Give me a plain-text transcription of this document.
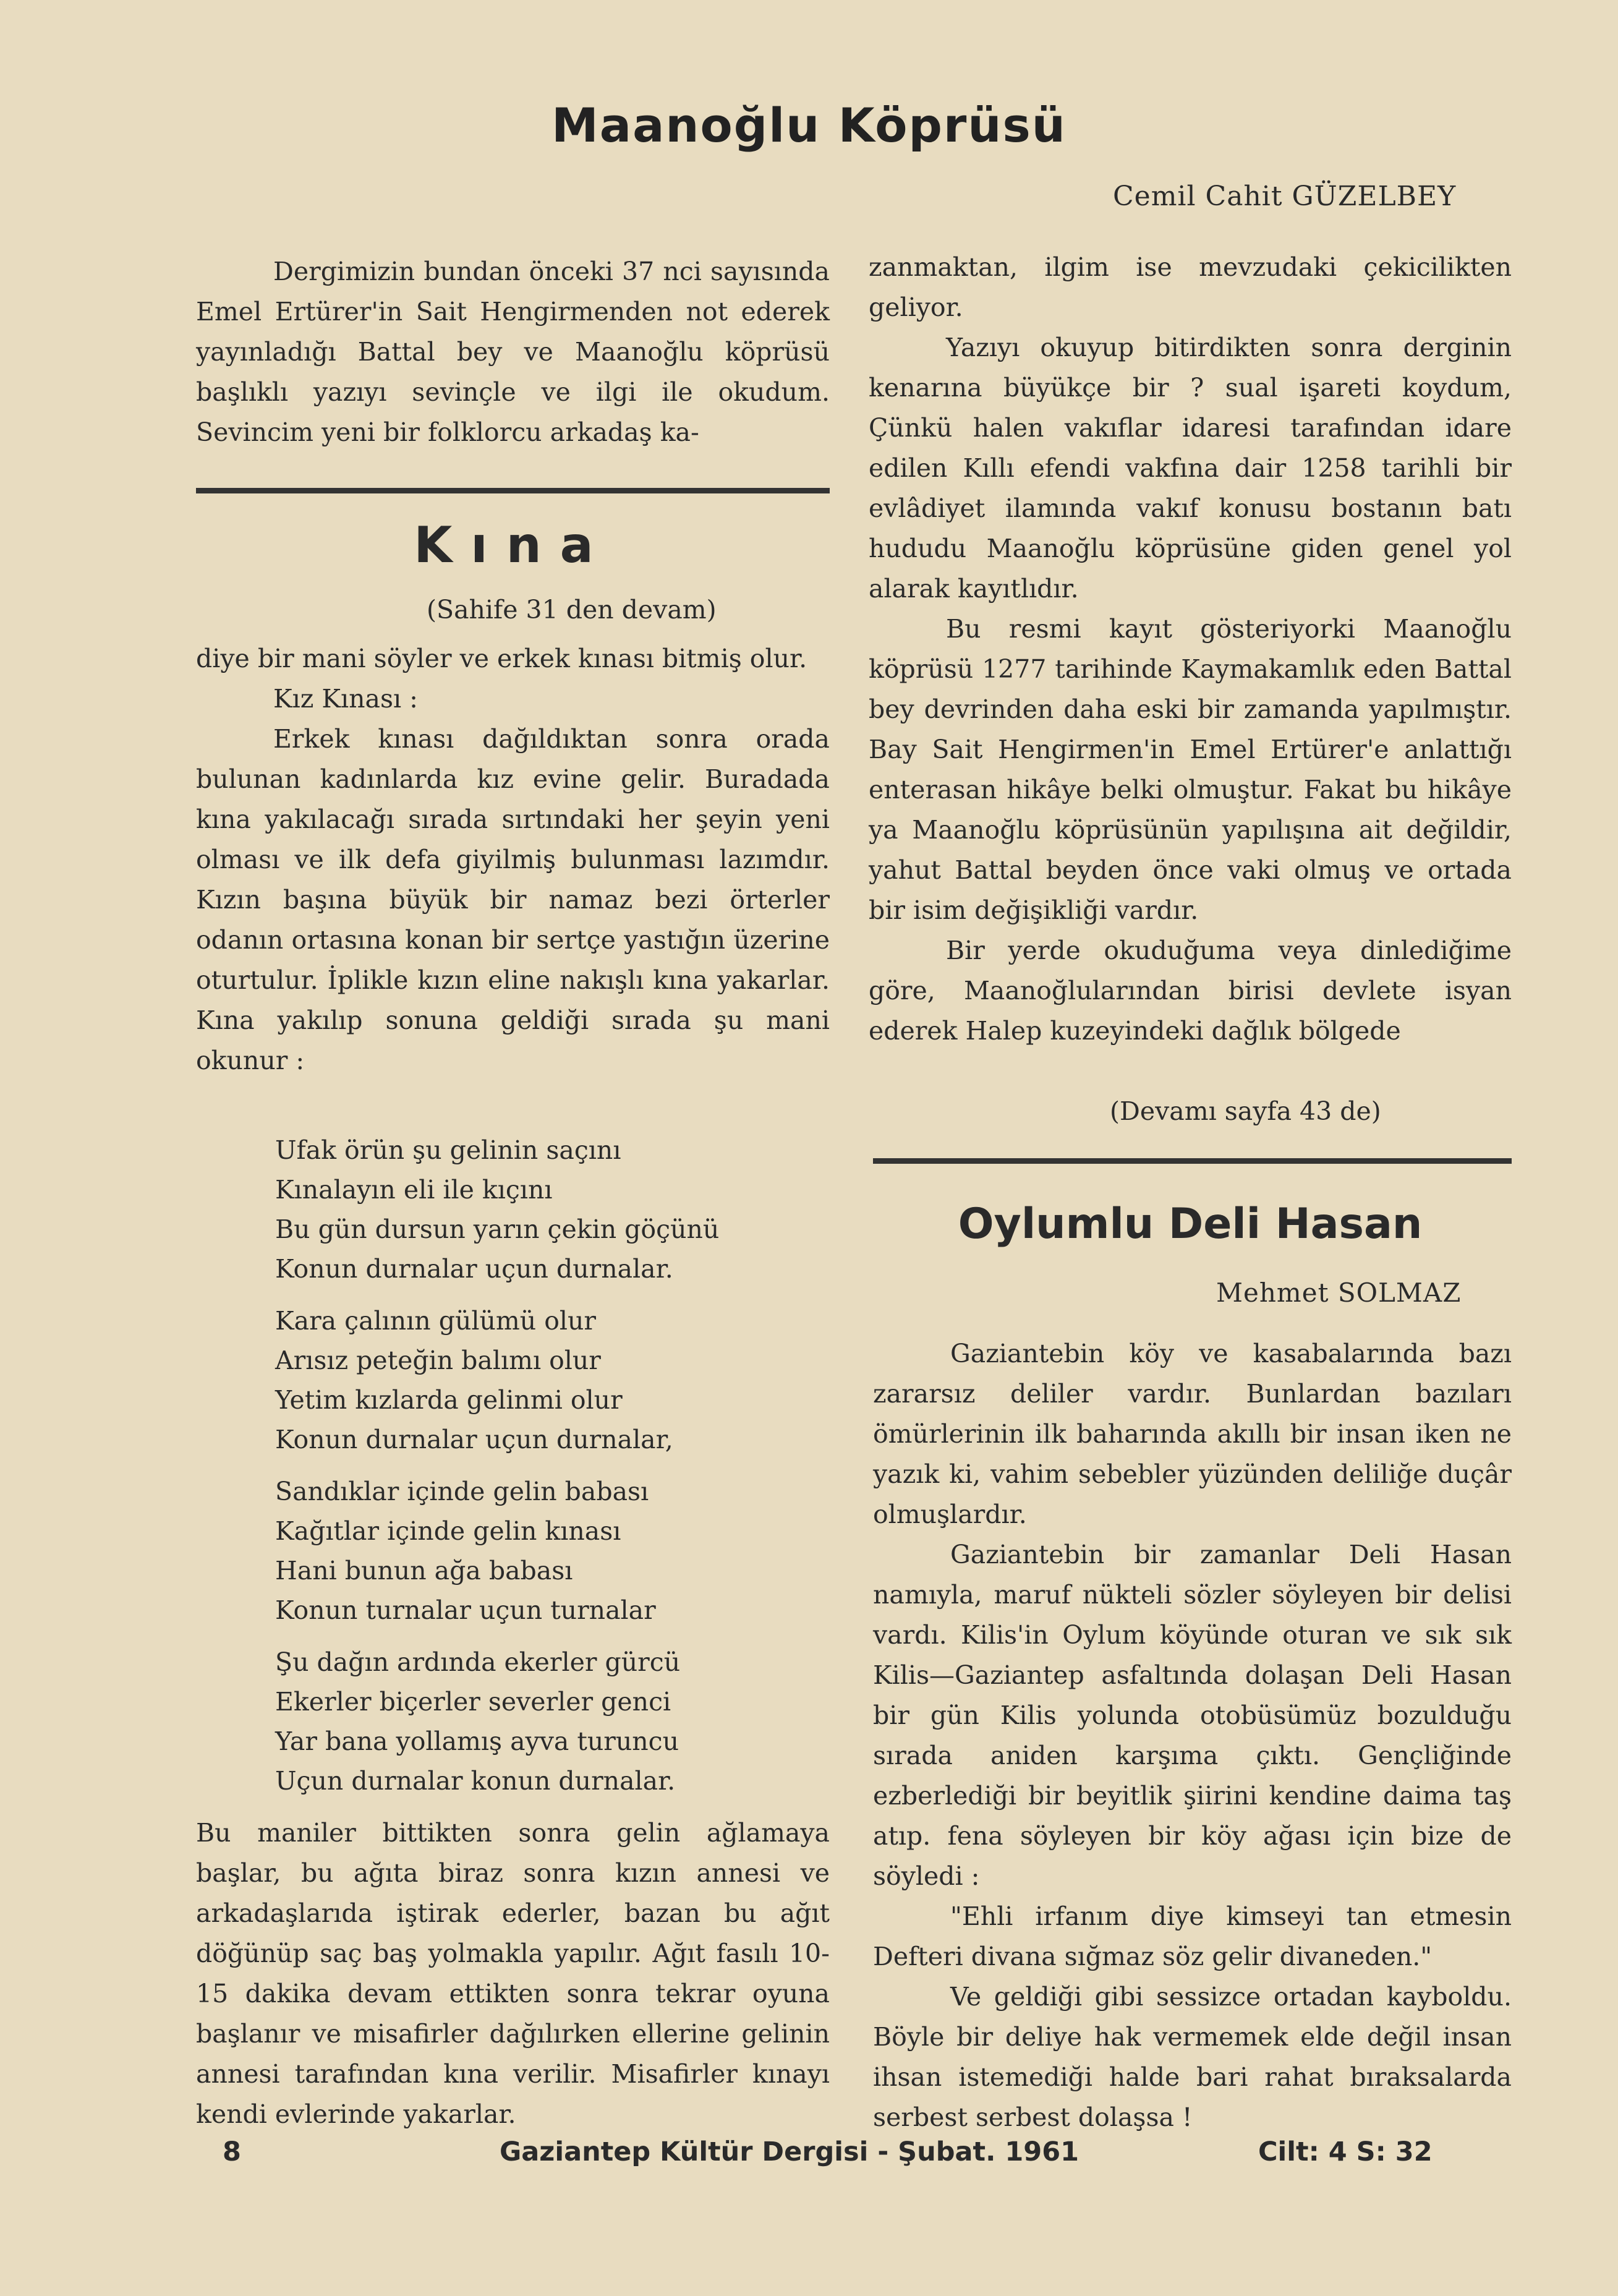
Maanoğlu Köprüsü
Cemil Cahit GÜZELBEY

Dergimizin bundan önceki 37 nci sayısında Emel Ertürer'in Sait Hengirmenden not ederek yayınladığı Battal bey ve Maanoğlu köprüsü başlıklı yazıyı sevinçle ve ilgi ile okudum. Sevincim yeni bir folklorcu arkadaş ka-

Kına
(Sahife 31 den devam)

diye bir mani söyler ve erkek kınası bitmiş olur.

Kız Kınası :

Erkek kınası dağıldıktan sonra orada bulunan kadınlarda kız evine gelir. Buradada kına yakılacağı sırada sırtındaki her şeyin yeni olması ve ilk defa giyilmiş bulunması lazımdır. Kızın başına büyük bir namaz bezi örterler odanın ortasına konan bir sertçe yastığın üzerine oturtulur. İplikle kızın eline nakışlı kına yakarlar. Kına yakılıp sonuna geldiği sırada şu mani okunur :

Ufak örün şu gelinin saçını
Kınalayın eli ile kıçını
Bu gün dursun yarın çekin göçünü
Konun durnalar uçun durnalar.
Kara çalının gülümü olur
Arısız peteğin balımı olur
Yetim kızlarda gelinmi olur
Konun durnalar uçun durnalar,
Sandıklar içinde gelin babası
Kağıtlar içinde gelin kınası
Hani bunun ağa babası
Konun turnalar uçun turnalar
Şu dağın ardında ekerler gürcü
Ekerler biçerler severler genci
Yar bana yollamış ayva turuncu
Uçun durnalar konun durnalar.

Bu maniler bittikten sonra gelin ağlamaya başlar, bu ağıta biraz sonra kızın annesi ve arkadaşlarıda iştirak ederler, bazan bu ağıt döğünüp saç baş yolmakla yapılır. Ağıt fasılı 10-15 dakika devam ettikten sonra tekrar oyuna başlanır ve misafirler dağılırken ellerine gelinin annesi tarafından kına verilir. Misafirler kınayı kendi evlerinde yakarlar.

zanmaktan, ilgim ise mevzudaki çekicilikten geliyor.

Yazıyı okuyup bitirdikten sonra derginin kenarına büyükçe bir ? sual işareti koydum, Çünkü halen vakıflar idaresi tarafından idare edilen Kıllı efendi vakfına dair 1258 tarihli bir evlâdiyet ilamında vakıf konusu bostanın batı hududu Maanoğlu köprüsüne giden genel yol alarak kayıtlıdır.

Bu resmi kayıt gösteriyorki Maanoğlu köprüsü 1277 tarihinde Kaymakamlık eden Battal bey devrinden daha eski bir zamanda yapılmıştır. Bay Sait Hengirmen'in Emel Ertürer'e anlattığı enterasan hikâye belki olmuştur. Fakat bu hikâye ya Maanoğlu köprüsünün yapılışına ait değildir, yahut Battal beyden önce vaki olmuş ve ortada bir isim değişikliği vardır.

Bir yerde okuduğuma veya dinlediğime göre, Maanoğlularından birisi devlete isyan ederek Halep kuzeyindeki dağlık bölgede

(Devamı sayfa 43 de)
Oylumlu Deli Hasan
Mehmet SOLMAZ

Gaziantebin köy ve kasabalarında bazı zararsız deliler vardır. Bunlardan bazıları ömürlerinin ilk baharında akıllı bir insan iken ne yazık ki, vahim sebebler yüzünden deliliğe duçâr olmuşlardır.

Gaziantebin bir zamanlar Deli Hasan namıyla, maruf nükteli sözler söyleyen bir delisi vardı. Kilis'in Oylum köyünde oturan ve sık sık Kilis—Gaziantep asfaltında dolaşan Deli Hasan bir gün Kilis yolunda otobüsümüz bozulduğu sırada aniden karşıma çıktı. Gençliğinde ezberlediği bir beyitlik şiirini kendine daima taş atıp. fena söyleyen bir köy ağası için bize de söyledi :

"Ehli irfanım diye kimseyi tan etmesin Defteri divana sığmaz söz gelir divaneden."

Ve geldiği gibi sessizce ortadan kayboldu. Böyle bir deliye hak vermemek elde değil insan ihsan istemediği halde bari rahat bıraksalarda serbest serbest dolaşsa !

8	Gaziantep Kültür Dergisi - Şubat. 1961	Cilt: 4 S: 32
